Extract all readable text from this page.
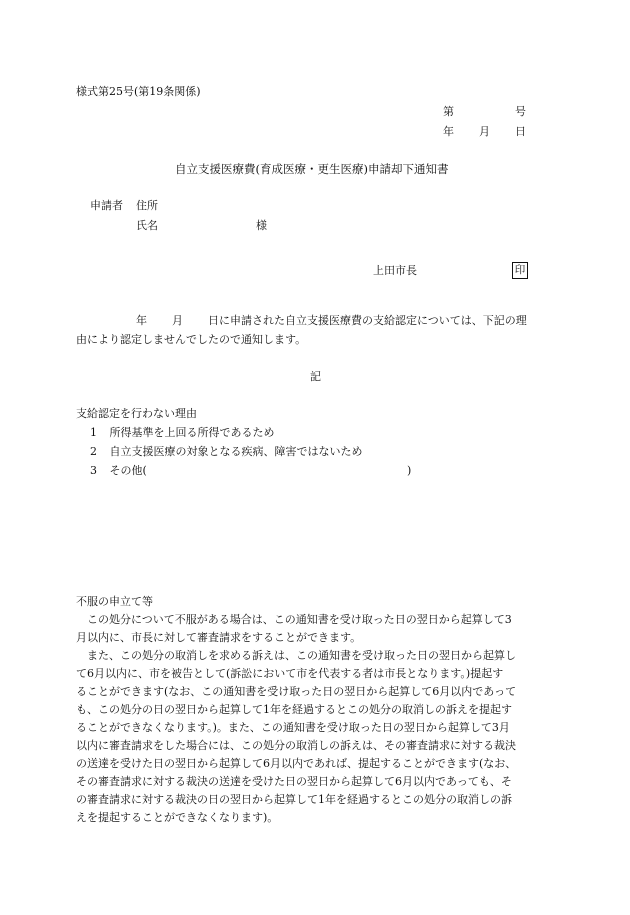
様式第25号(第19条関係)
第	号
年 月 日
自立支援医療費(育成医療・更生医療)申請却下通知書
申請者 住所
氏名	様
上田市長	印
年 月 日に申請された自立支援医療費の支給認定については、下記の理
由により認定しませんでしたので通知します。
記
支給認定を行わない理由
1 所得基準を上回る所得であるため
2 自立支援医療の対象となる疾病、障害ではないため
3 その他(	)
不服の申立て等
この処分について不服がある場合は、この通知書を受け取った日の翌日から起算して3
月以内に、市長に対して審査請求をすることができます。
また、この処分の取消しを求める訴えは、この通知書を受け取った日の翌日から起算し
て6月以内に、市を被告として(訴訟において市を代表する者は市長となります。)提起す
ることができます(なお、この通知書を受け取った日の翌日から起算して6月以内であって
も、この処分の日の翌日から起算して1年を経過するとこの処分の取消しの訴えを提起す
ることができなくなります。)。また、この通知書を受け取った日の翌日から起算して3月
以内に審査請求をした場合には、この処分の取消しの訴えは、その審査請求に対する裁決
の送達を受けた日の翌日から起算して6月以内であれば、提起することができます(なお、
その審査請求に対する裁決の送達を受けた日の翌日から起算して6月以内であっても、そ
の審査請求に対する裁決の日の翌日から起算して1年を経過するとこの処分の取消しの訴
えを提起することができなくなります)。
